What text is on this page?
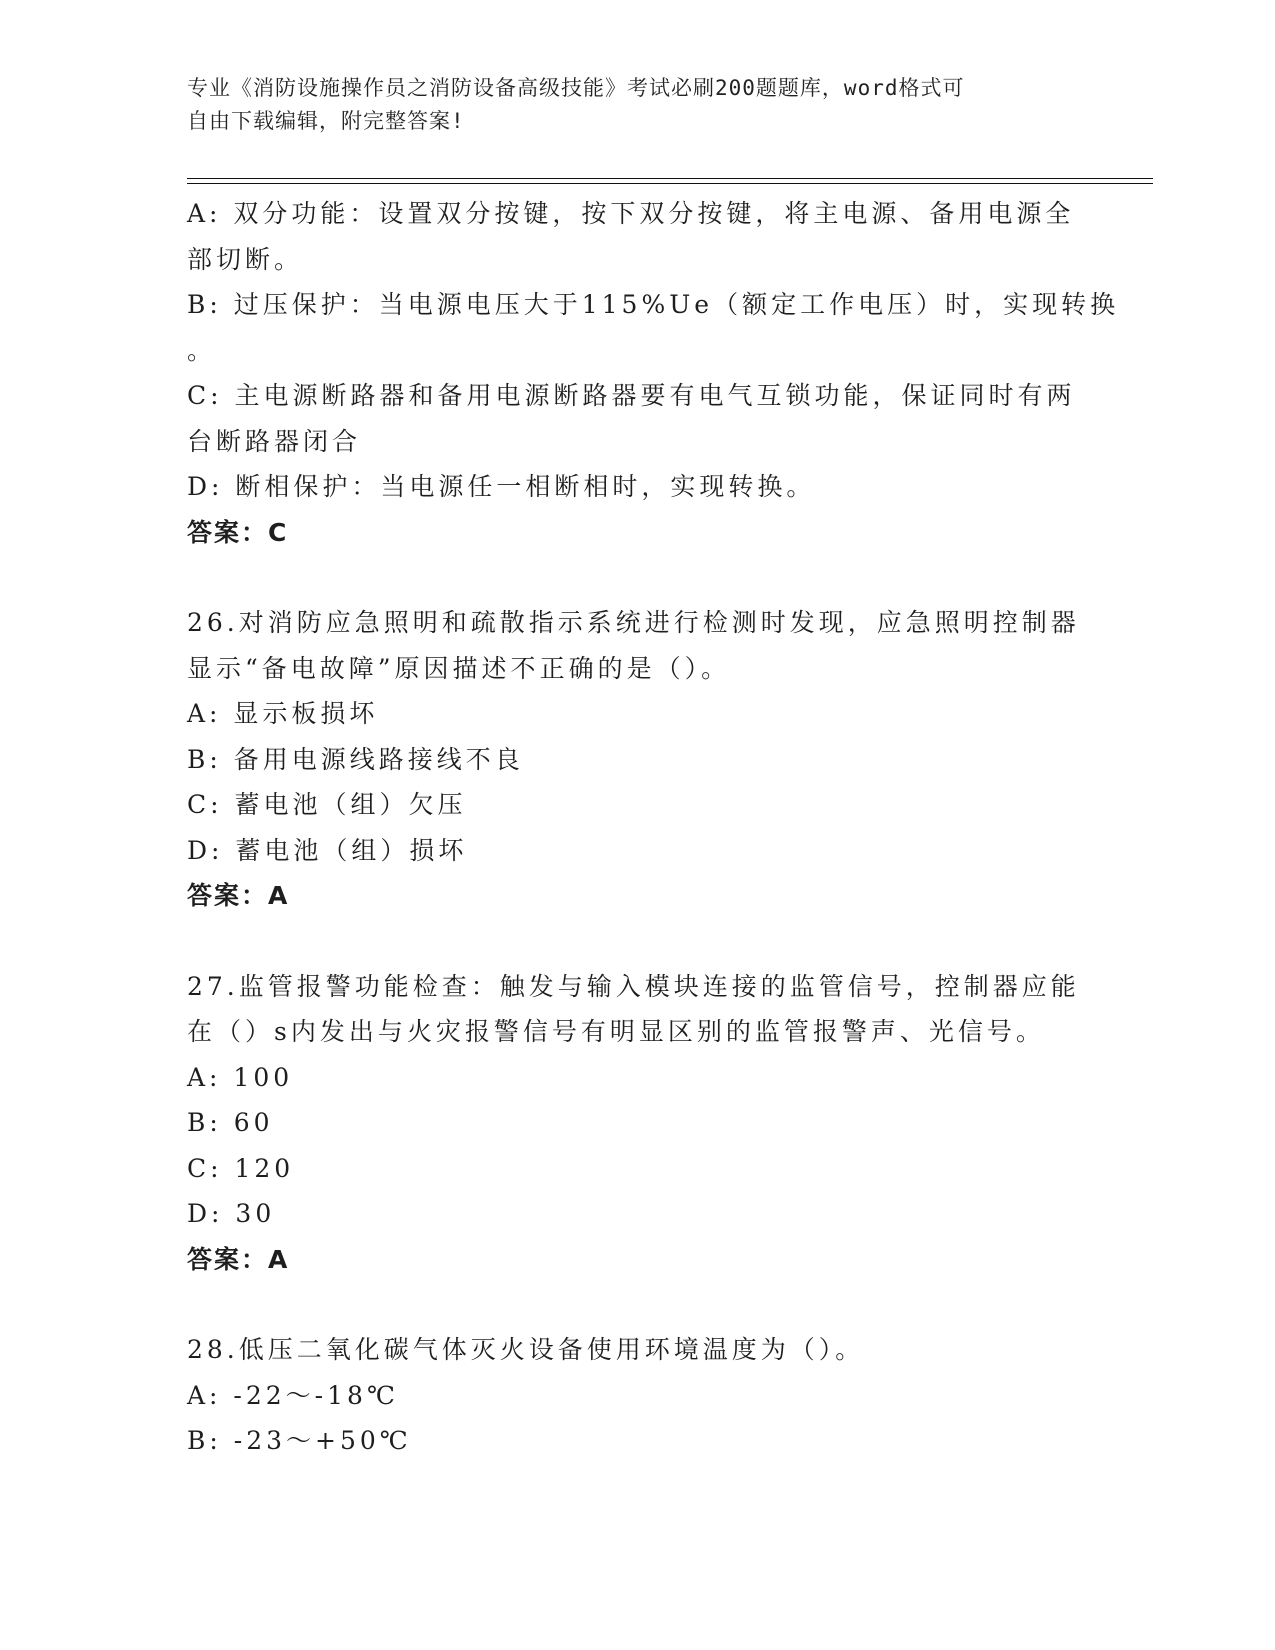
专业《消防设施操作员之消防设备高级技能》考试必刷200题题库，word格式可
自由下载编辑，附完整答案!
A: 双分功能：设置双分按键，按下双分按键，将主电源、备用电源全
部切断。
B: 过压保护：当电源电压大于115%Ue（额定工作电压）时，实现转换
。
C: 主电源断路器和备用电源断路器要有电气互锁功能，保证同时有两
台断路器闭合
D: 断相保护：当电源任一相断相时，实现转换。
答案：C
26.对消防应急照明和疏散指示系统进行检测时发现，应急照明控制器
显示“备电故障”原因描述不正确的是（）。
A: 显示板损坏
B: 备用电源线路接线不良
C: 蓄电池（组）欠压
D: 蓄电池（组）损坏
答案：A
27.监管报警功能检查：触发与输入模块连接的监管信号，控制器应能
在（）s内发出与火灾报警信号有明显区别的监管报警声、光信号。
A: 100
B: 60
C: 120
D: 30
答案：A
28.低压二氧化碳气体灭火设备使用环境温度为（）。
A: -22～-18℃
B: -23～+50℃
